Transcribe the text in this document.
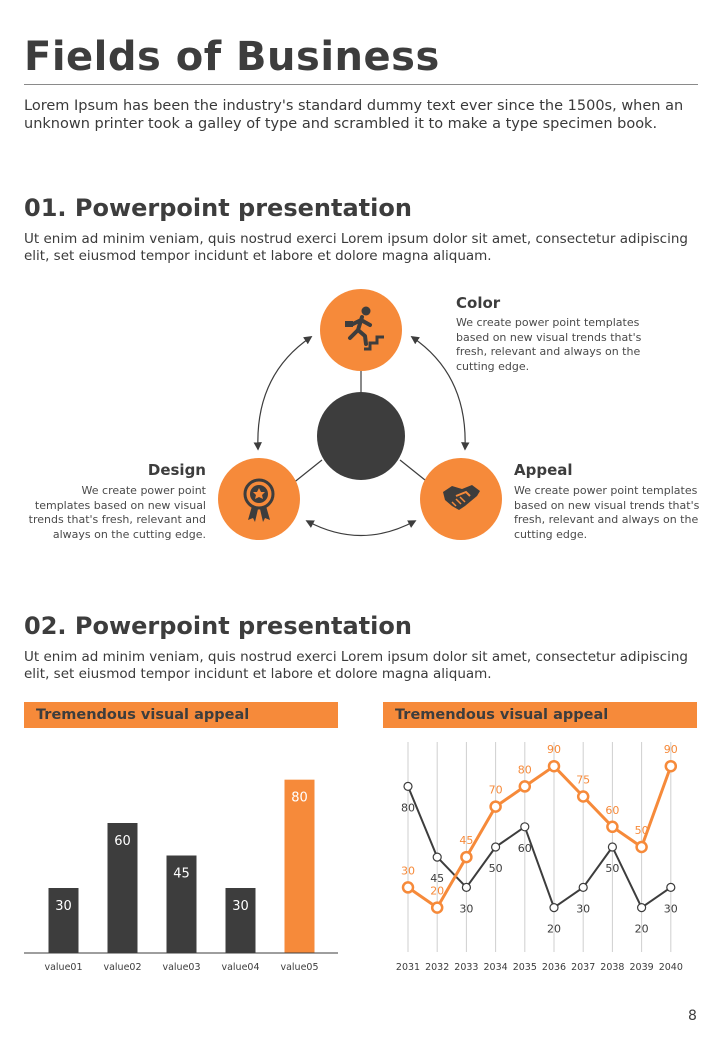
Fields of Business
Lorem Ipsum has been the industry's standard dummy text ever since the 1500s, when an unknown printer took a galley of type and scrambled it to make a type specimen book.
01. Powerpoint presentation
Ut enim ad minim veniam, quis nostrud exerci Lorem ipsum dolor sit amet, consectetur adipiscing elit, set eiusmod tempor incidunt et labore et dolore magna aliquam.
Color
We create power point templates based on new visual trends that's fresh, relevant and always on the cutting edge.
Design
We create power point templates based on new visual trends that's fresh, relevant and always on the cutting edge.
Appeal
We create power point templates based on new visual trends that's fresh, relevant and always on the cutting edge.
02. Powerpoint presentation
Ut enim ad minim veniam, quis nostrud exerci Lorem ipsum dolor sit amet, consectetur adipiscing elit, set eiusmod tempor incidunt et labore et dolore magna aliquam.
Tremendous visual appeal	Tremendous visual appeal
30
value01
60
value02
45
value03
30
value04
80
value05	2031 2032 2033 2034 2035 2036 2037 2038 2039 2040
80
45
30
50
60
20
30
50
20
30
30
20
45
70
80
90
75
60
50
90
8
